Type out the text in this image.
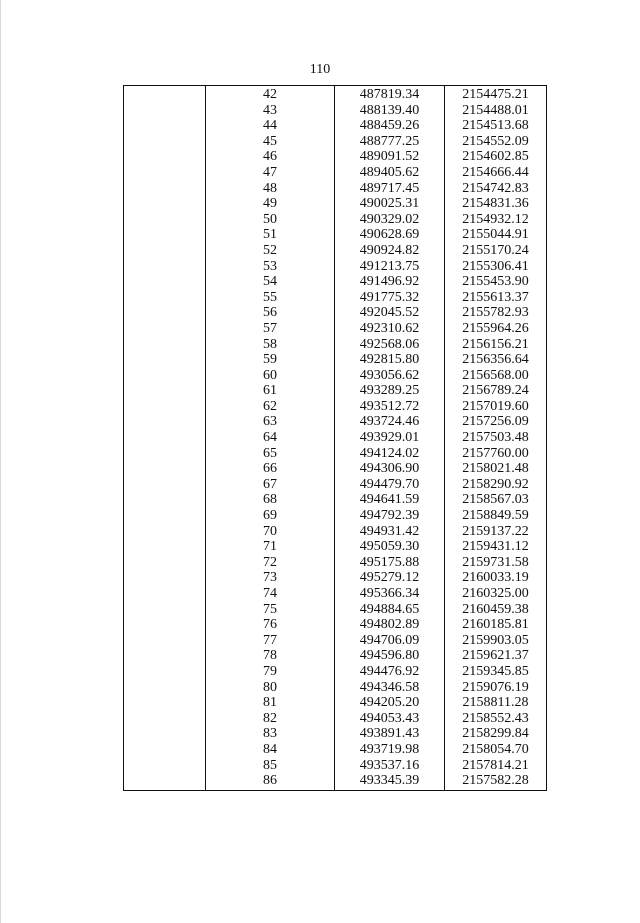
110
	42	487819.34	2154475.21
	43	488139.40	2154488.01
	44	488459.26	2154513.68
	45	488777.25	2154552.09
	46	489091.52	2154602.85
	47	489405.62	2154666.44
	48	489717.45	2154742.83
	49	490025.31	2154831.36
	50	490329.02	2154932.12
	51	490628.69	2155044.91
	52	490924.82	2155170.24
	53	491213.75	2155306.41
	54	491496.92	2155453.90
	55	491775.32	2155613.37
	56	492045.52	2155782.93
	57	492310.62	2155964.26
	58	492568.06	2156156.21
	59	492815.80	2156356.64
	60	493056.62	2156568.00
	61	493289.25	2156789.24
	62	493512.72	2157019.60
	63	493724.46	2157256.09
	64	493929.01	2157503.48
	65	494124.02	2157760.00
	66	494306.90	2158021.48
	67	494479.70	2158290.92
	68	494641.59	2158567.03
	69	494792.39	2158849.59
	70	494931.42	2159137.22
	71	495059.30	2159431.12
	72	495175.88	2159731.58
	73	495279.12	2160033.19
	74	495366.34	2160325.00
	75	494884.65	2160459.38
	76	494802.89	2160185.81
	77	494706.09	2159903.05
	78	494596.80	2159621.37
	79	494476.92	2159345.85
	80	494346.58	2159076.19
	81	494205.20	2158811.28
	82	494053.43	2158552.43
	83	493891.43	2158299.84
	84	493719.98	2158054.70
	85	493537.16	2157814.21
	86	493345.39	2157582.28
